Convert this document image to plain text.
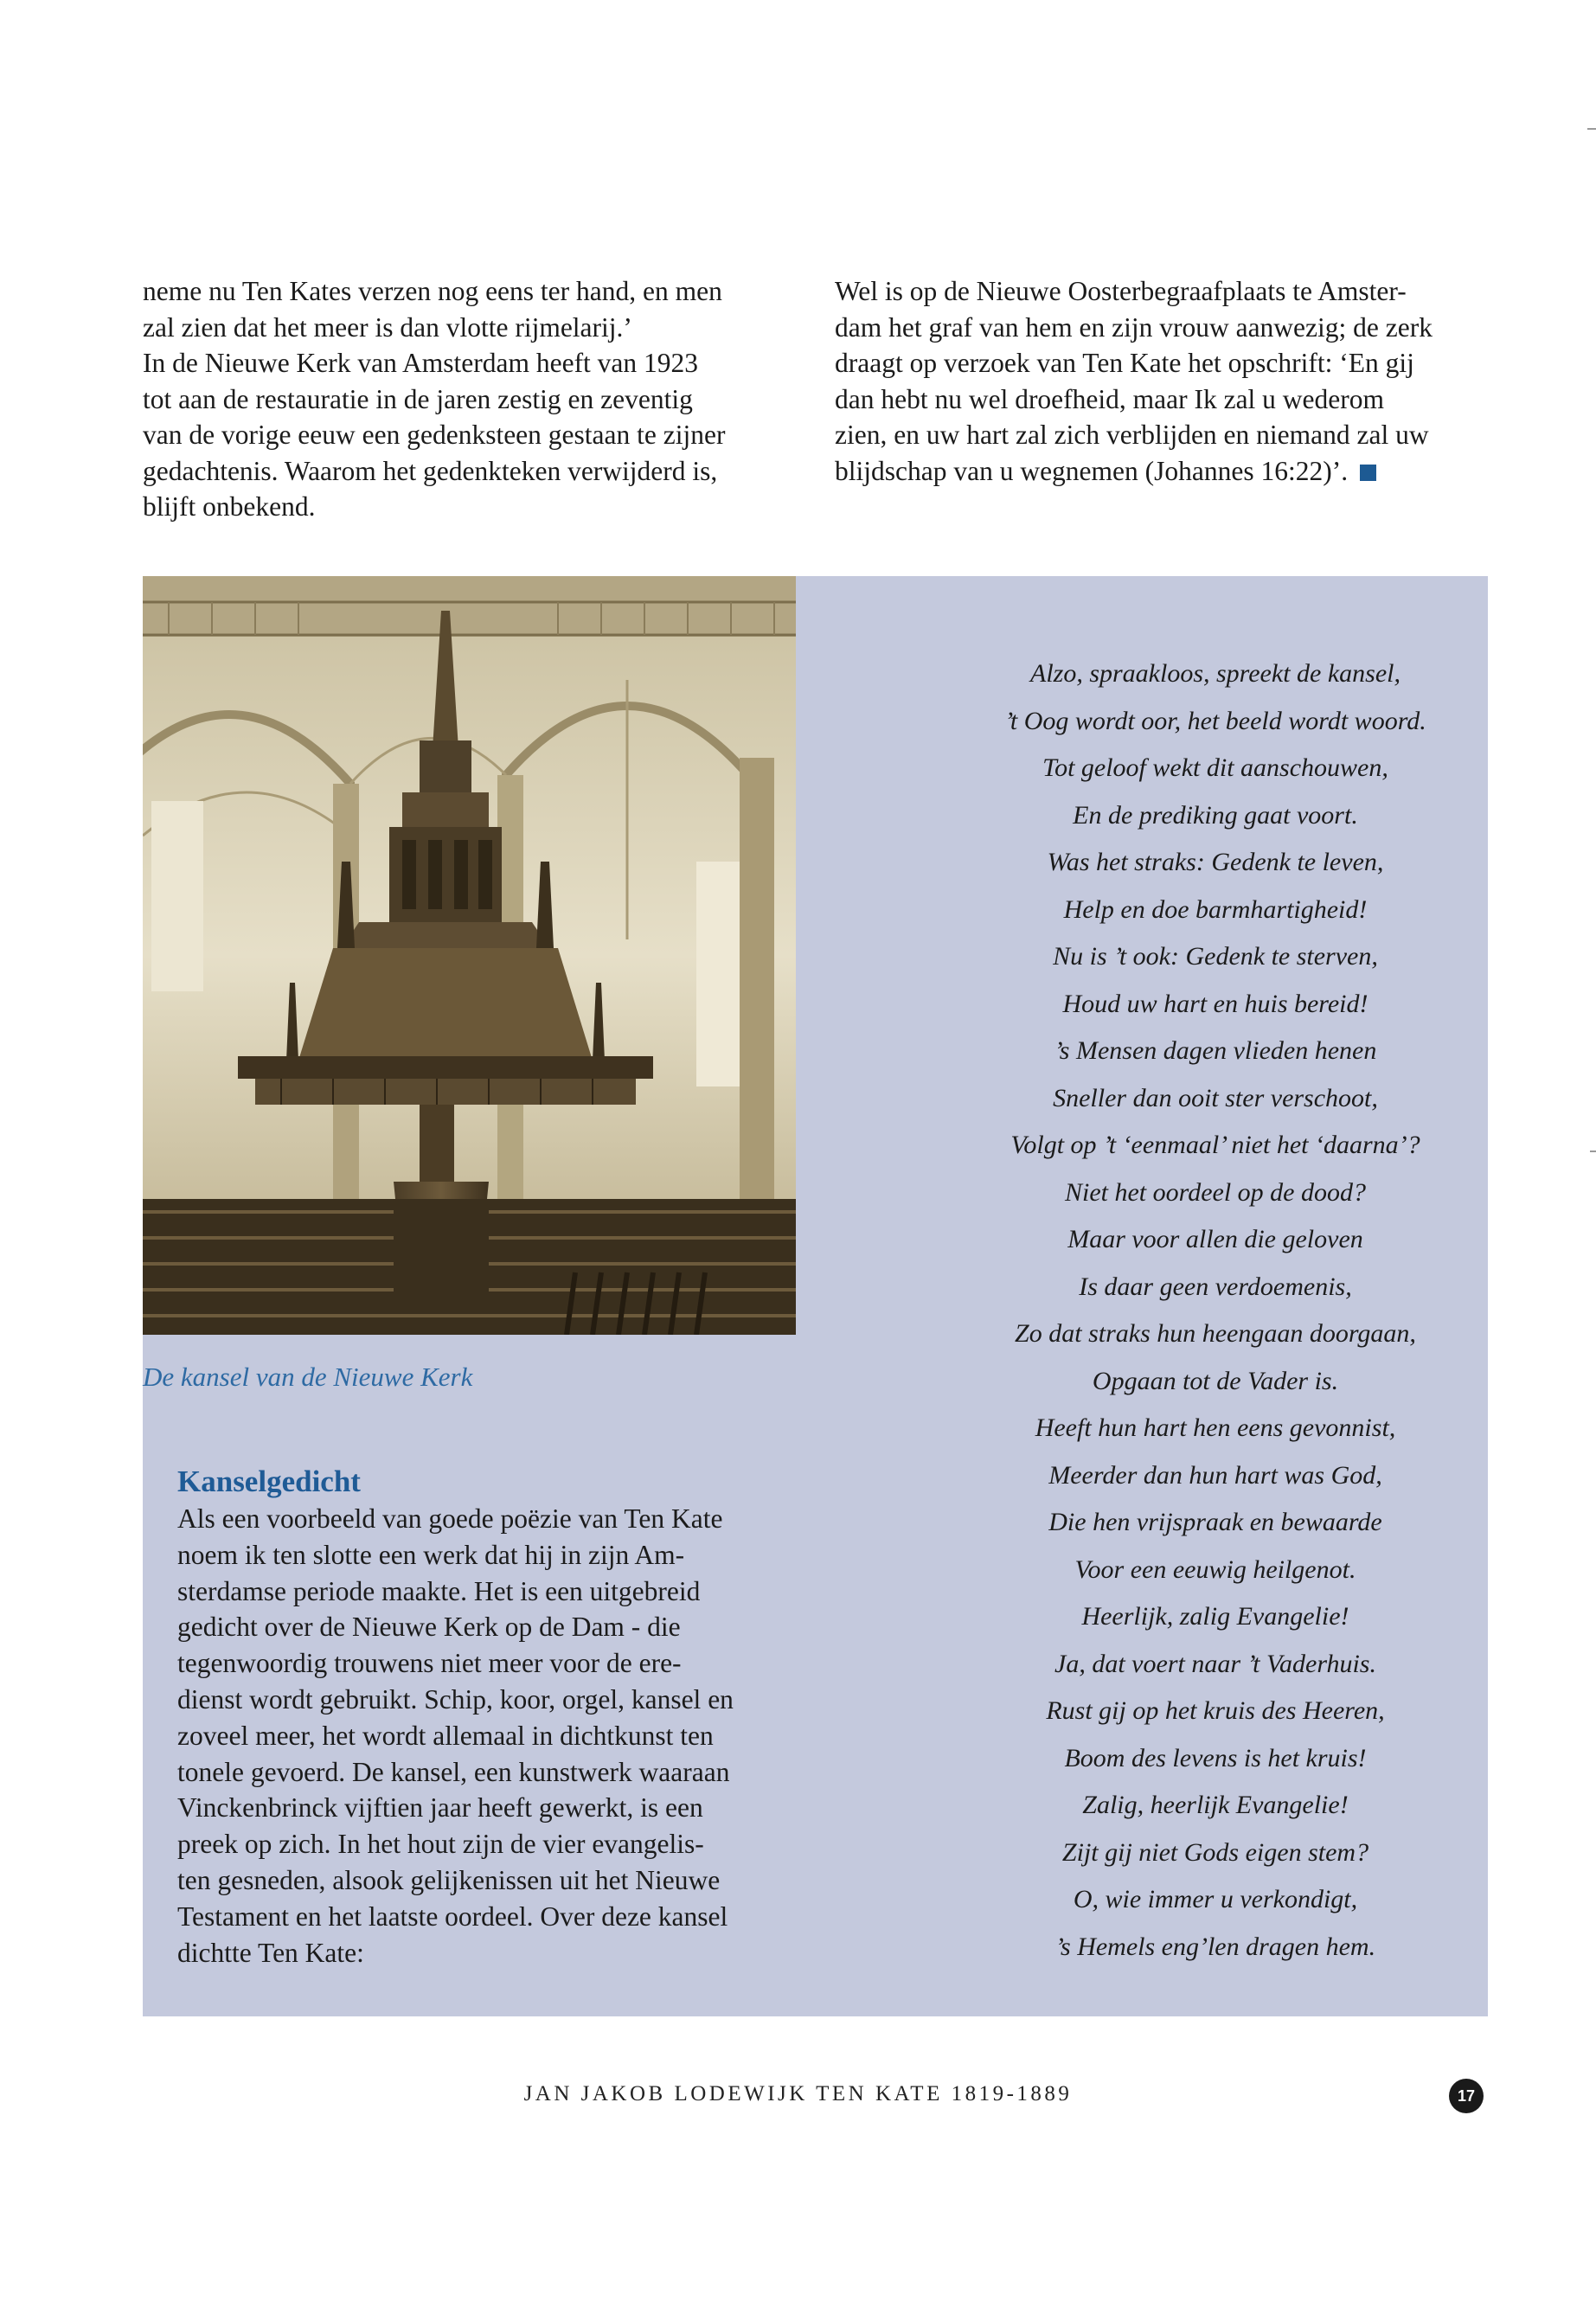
neme nu Ten Kates verzen nog eens ter hand, en men

zal zien dat het meer is dan vlotte rijmelarij.’

In de Nieuwe Kerk van Amsterdam heeft van 1923

tot aan de restauratie in de jaren zestig en zeventig

van de vorige eeuw een gedenksteen gestaan te zijner

gedachtenis. Waarom het gedenkteken verwijderd is,

blijft onbekend.

Wel is op de Nieuwe Oosterbegraafplaats te Amster-

dam het graf van hem en zijn vrouw aanwezig; de zerk

draagt op verzoek van Ten Kate het opschrift: ‘En gij

dan hebt nu wel droefheid, maar Ik zal u wederom

zien, en uw hart zal zich verblijden en niemand zal uw

blijdschap van u wegnemen (Johannes 16:22)’.

De kansel van de Nieuwe Kerk
Kanselgedicht
Als een voorbeeld van goede poëzie van Ten Kate
noem ik ten slotte een werk dat hij in zijn Am-
sterdamse periode maakte. Het is een uitgebreid
gedicht over de Nieuwe Kerk op de Dam - die
tegenwoordig trouwens niet meer voor de ere-
dienst wordt gebruikt. Schip, koor, orgel, kansel en
zoveel meer, het wordt allemaal in dichtkunst ten
tonele gevoerd. De kansel, een kunstwerk waaraan
Vinckenbrinck vijftien jaar heeft gewerkt, is een
preek op zich. In het hout zijn de vier evangelis-
ten gesneden, alsook gelijkenissen uit het Nieuwe
Testament en het laatste oordeel. Over deze kansel
dichtte Ten Kate:
Alzo, spraakloos, spreekt de kansel,
’t Oog wordt oor, het beeld wordt woord.
Tot geloof wekt dit aanschouwen,
En de prediking gaat voort.
Was het straks: Gedenk te leven,
Help en doe barmhartigheid!
Nu is ’t ook: Gedenk te sterven,
Houd uw hart en huis bereid!
’s Mensen dagen vlieden henen
Sneller dan ooit ster verschoot,
Volgt op ’t ‘eenmaal’ niet het ‘daarna’?
Niet het oordeel op de dood?
Maar voor allen die geloven
Is daar geen verdoemenis,
Zo dat straks hun heengaan doorgaan,
Opgaan tot de Vader is.
Heeft hun hart hen eens gevonnist,
Meerder dan hun hart was God,
Die hen vrijspraak en bewaarde
Voor een eeuwig heilgenot.
Heerlijk, zalig Evangelie!
Ja, dat voert naar ’t Vaderhuis.
Rust gij op het kruis des Heeren,
Boom des levens is het kruis!
Zalig, heerlijk Evangelie!
Zijt gij niet Gods eigen stem?
O, wie immer u verkondigt,
’s Hemels eng’len dragen hem.
JAN JAKOB LODEWIJK TEN KATE 1819-1889	17
